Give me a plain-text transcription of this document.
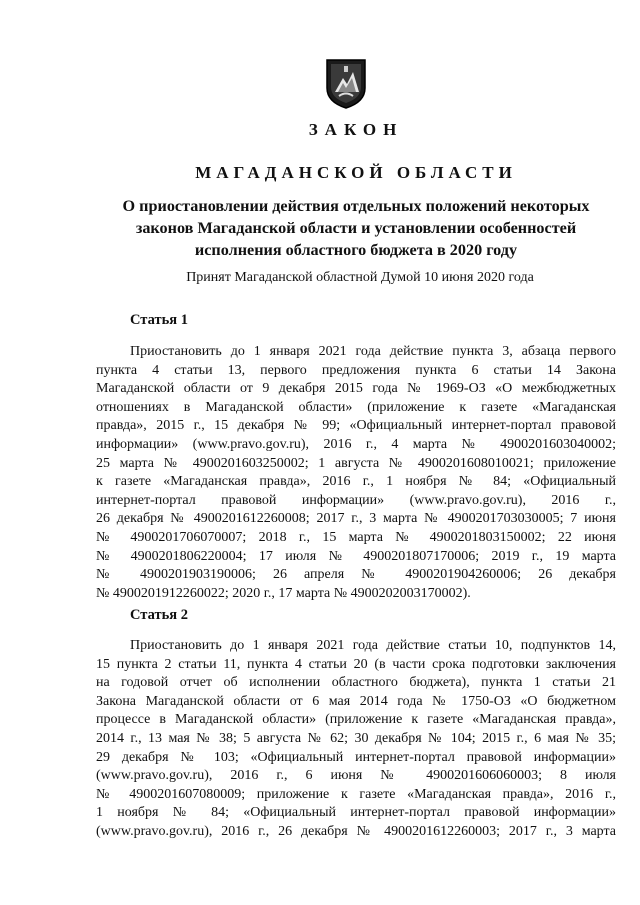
ЗАКОН
МАГАДАНСКОЙ ОБЛАСТИ
О приостановлении действия отдельных положений некоторых
законов Магаданской области и установлении особенностей
исполнения областного бюджета в 2020 году
Принят Магаданской областной Думой 10 июня 2020 года
Статья 1
Приостановить до 1 января 2021 года действие пункта 3, абзаца первого
пункта 4 статьи 13, первого предложения пункта 6 статьи 14 Закона
Магаданской области от 9 декабря 2015 года № 1969-ОЗ «О межбюджетных
отношениях в Магаданской области» (приложение к газете «Магаданская
правда», 2015 г., 15 декабря № 99; «Официальный интернет-портал правовой
информации» (www.pravo.gov.ru), 2016 г., 4 марта № 4900201603040002;
25 марта № 4900201603250002; 1 августа № 4900201608010021; приложение
к газете «Магаданская правда», 2016 г., 1 ноября № 84; «Официальный
интернет-портал правовой информации» (www.pravo.gov.ru), 2016 г.,
26 декабря № 4900201612260008; 2017 г., 3 марта № 4900201703030005; 7 июня
№ 4900201706070007; 2018 г., 15 марта № 4900201803150002; 22 июня
№ 4900201806220004; 17 июля № 4900201807170006; 2019 г., 19 марта
№ 4900201903190006; 26 апреля № 4900201904260006; 26 декабря
№ 4900201912260022; 2020 г., 17 марта № 4900202003170002).
Статья 2
Приостановить до 1 января 2021 года действие статьи 10, подпунктов 14,
15 пункта 2 статьи 11, пункта 4 статьи 20 (в части срока подготовки заключения
на годовой отчет об исполнении областного бюджета), пункта 1 статьи 21
Закона Магаданской области от 6 мая 2014 года № 1750-ОЗ «О бюджетном
процессе в Магаданской области» (приложение к газете «Магаданская правда»,
2014 г., 13 мая № 38; 5 августа № 62; 30 декабря № 104; 2015 г., 6 мая № 35;
29 декабря № 103; «Официальный интернет-портал правовой информации»
(www.pravo.gov.ru), 2016 г., 6 июня № 4900201606060003; 8 июля
№ 4900201607080009; приложение к газете «Магаданская правда», 2016 г.,
1 ноября № 84; «Официальный интернет-портал правовой информации»
(www.pravo.gov.ru), 2016 г., 26 декабря № 4900201612260003; 2017 г., 3 марта
